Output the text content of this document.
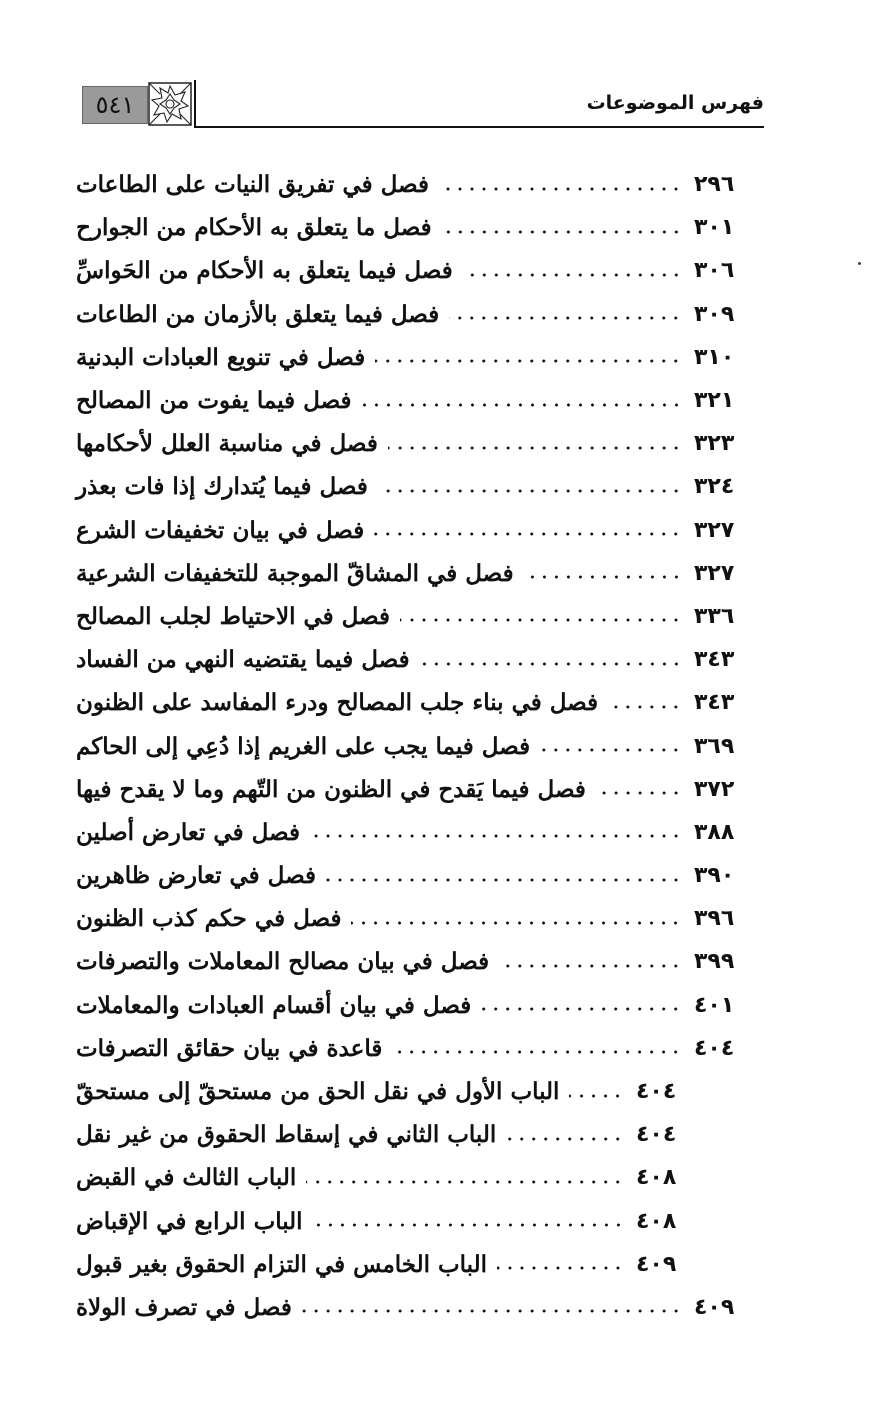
٥٤١	فهرس الموضوعات
فصل في تفريق النيات على الطاعات	٢٩٦
فصل ما يتعلق به الأحكام من الجوارح	٣٠١
فصل فيما يتعلق به الأحكام من الحَواسِّ	٣٠٦
فصل فيما يتعلق بالأزمان من الطاعات	٣٠٩
فصل في تنويع العبادات البدنية	٣١٠
فصل فيما يفوت من المصالح	٣٢١
فصل في مناسبة العلل لأحكامها	٣٢٣
فصل فيما يُتدارك إذا فات بعذر	٣٢٤
فصل في بيان تخفيفات الشرع	٣٢٧
فصل في المشاقّ الموجبة للتخفيفات الشرعية	٣٢٧
فصل في الاحتياط لجلب المصالح	٣٣٦
فصل فيما يقتضيه النهي من الفساد	٣٤٣
فصل في بناء جلب المصالح ودرء المفاسد على الظنون	٣٤٣
فصل فيما يجب على الغريم إذا دُعِي إلى الحاكم	٣٦٩
فصل فيما يَقدح في الظنون من التّهم وما لا يقدح فيها	٣٧٢
فصل في تعارض أصلين	٣٨٨
فصل في تعارض ظاهرين	٣٩٠
فصل في حكم كذب الظنون	٣٩٦
فصل في بيان مصالح المعاملات والتصرفات	٣٩٩
فصل في بيان أقسام العبادات والمعاملات	٤٠١
قاعدة في بيان حقائق التصرفات	٤٠٤
الباب الأول في نقل الحق من مستحقّ إلى مستحقّ	٤٠٤
الباب الثاني في إسقاط الحقوق من غير نقل	٤٠٤
الباب الثالث في القبض	٤٠٨
الباب الرابع في الإقباض	٤٠٨
الباب الخامس في التزام الحقوق بغير قبول	٤٠٩
فصل في تصرف الولاة	٤٠٩
